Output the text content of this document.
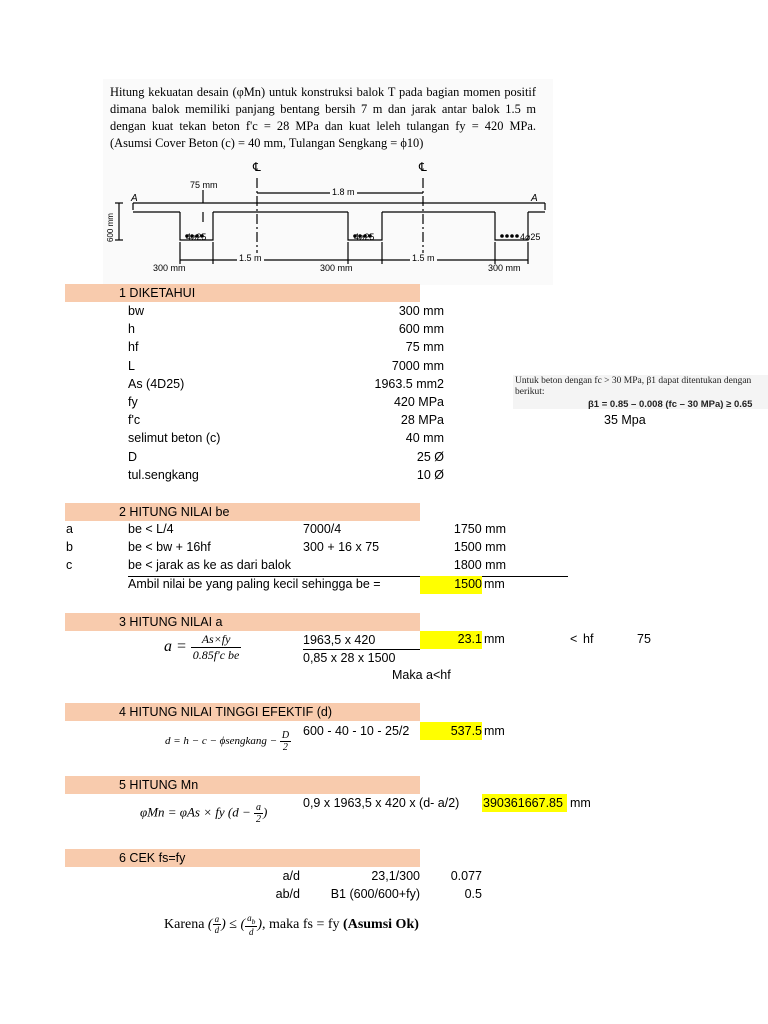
Hitung kekuatan desain (φMn) untuk konstruksi balok T pada bagian momen positif dimana balok memiliki panjang bentang bersih 7 m dan jarak antar balok 1.5 m dengan kuat tekan beton f'c = 28 MPa dan kuat leleh tulangan fy = 420 MPa. (Asumsi Cover Beton (c) = 40 mm, Tulangan Sengkang = ϕ10)
75 mm
1.8 m
600 mm
℄	℄
A	A
4⌀25	4⌀25	4⌀25
1.5 m	1.5 m
300 mm	300 mm	300 mm
1 DIKETAHUI
bw	300 mm
h	600 mm
hf	75 mm
L	7000 mm
As (4D25)	1963.5 mm2
fy	420 MPa
f'c	28 MPa
selimut beton (c)	40 mm
D	25 Ø
tul.sengkang	10 Ø
Untuk beton dengan fc > 30 MPa, β1 dapat ditentukan dengan berikut:
β1 = 0.85 – 0.008 (fc – 30 MPa) ≥ 0.65
35 Mpa
2 HITUNG NILAI be
a	be < L/4	7000/4	1750 mm
b	be < bw + 16hf	300 + 16 x 75	1500 mm
c	be < jarak as ke as dari balok	1800 mm
Ambil nilai be yang paling kecil sehingga be =	1500 mm
3 HITUNG NILAI a
$a = \frac{As\times fy}{\text{0.85f'c be}}$	1963,5 x 420
0,85 x 28 x 1500
23.1 mm	< hf	75
Maka a<hf
4 HITUNG NILAI TINGGI EFEKTIF (d)
d = h − c − ϕsengkang − $\frac{D}{2} 600 - 40 - 10 - 25/2$	537.5 mm
5 HITUNG Mn
φMn = φAs × fy ($d - \frac{a}{2}$ )
0,9 x 1963,5 x 420 x (d- a/2) 390361667.85 mm
6 CEK fs=fy
a/d	23,1/300	0.077
ab/d	B1 (600/600+fy)	0.5
Karena ( $\frac{a}{d}$ ) ≤ ( $\frac{a_b}{d}$ ), maka fs = fy (Asumsi Ok)
